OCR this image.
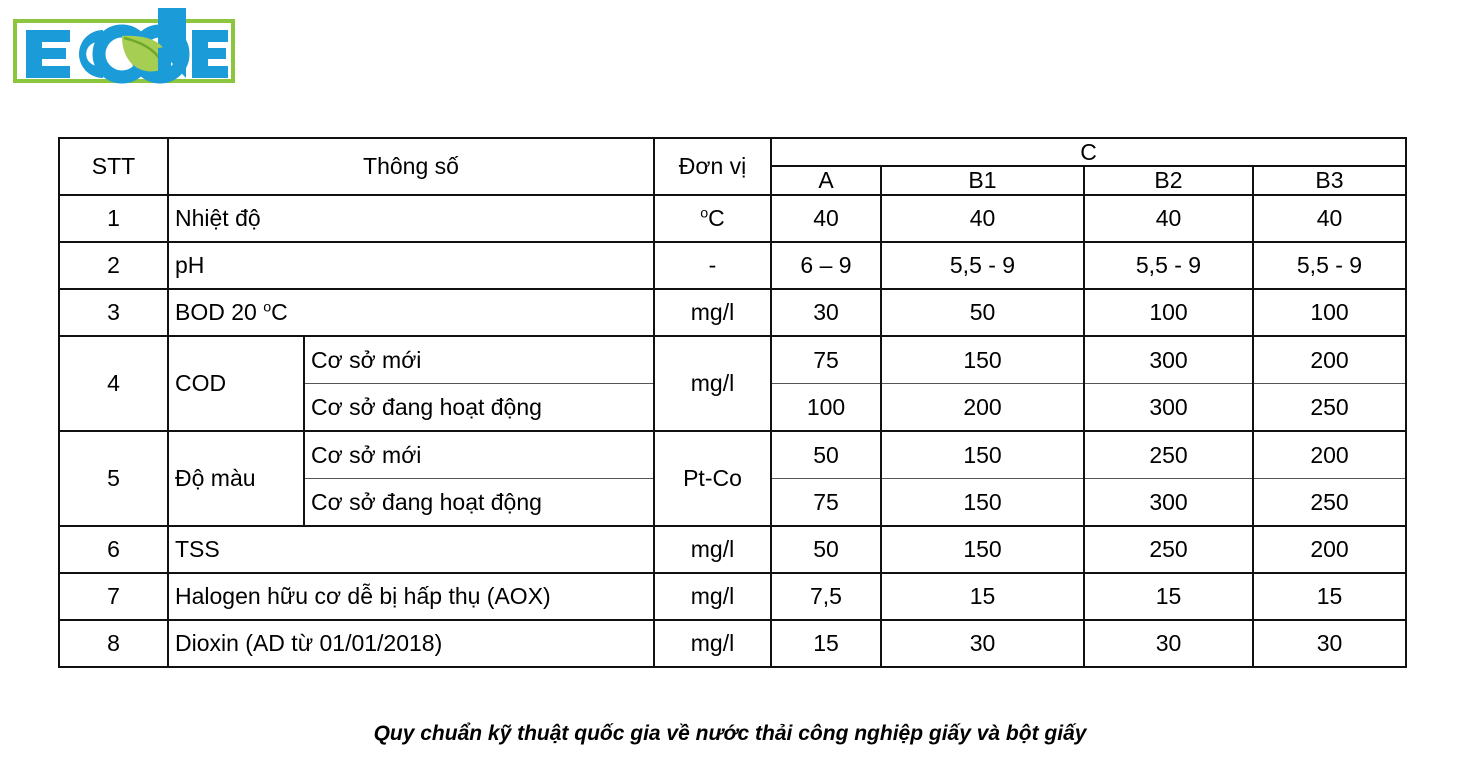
STT	Thông số		Đơn vị	C			
				A	B1	B2	B3
1	Nhiệt độ		$^o$C	40	40	40	40
2	pH		-	6 – 9	5,5 - 9	5,5 - 9	5,5 - 9
3	BOD 20 $^o$C		mg/l	30	50	100	100
4	COD	Cơ sở mới	mg/l	75	150	300	200
		Cơ sở đang hoạt động		100	200	300	250
5	Độ màu	Cơ sở mới	Pt-Co	50	150	250	200
		Cơ sở đang hoạt động		75	150	300	250
6	TSS		mg/l	50	150	250	200
7	Halogen hữu cơ dễ bị hấp thụ (AOX)		mg/l	7,5	15	15	15
8	Dioxin (AD từ 01/01/2018)		mg/l	15	30	30	30
Quy chuẩn kỹ thuật quốc gia về nước thải công nghiệp giấy và bột giấy
